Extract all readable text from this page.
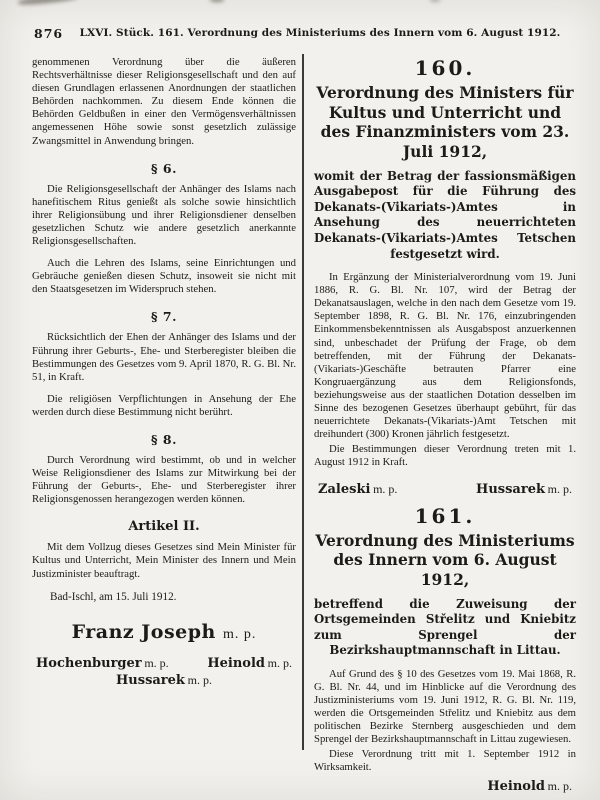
876	LXVI. Stück. 161. Verordnung des Ministeriums des Innern vom 6. August 1912.

genommenen Verordnung über die äußeren Rechtsverhältnisse dieser Religionsgesellschaft und den auf diesen Grundlagen erlassenen Anordnungen der staatlichen Behörden nachkommen. Zu diesem Ende können die Behörden Geldbußen in einer den Vermögensverhältnissen angemessenen Höhe sowie sonst gesetzlich zulässige Zwangsmittel in Anwendung bringen.

§ 6.

Die Religionsgesellschaft der Anhänger des Islams nach hanefitischem Ritus genießt als solche sowie hinsichtlich ihrer Religionsübung und ihrer Religionsdiener denselben gesetzlichen Schutz wie andere gesetzlich anerkannte Religionsgesellschaften.

Auch die Lehren des Islams, seine Einrichtungen und Gebräuche genießen diesen Schutz, insoweit sie nicht mit den Staatsgesetzen im Widerspruch stehen.

§ 7.

Rücksichtlich der Ehen der Anhänger des Islams und der Führung ihrer Geburts-, Ehe- und Sterberegister bleiben die Bestimmungen des Gesetzes vom 9. April 1870, R. G. Bl. Nr. 51, in Kraft.

Die religiösen Verpflichtungen in Ansehung der Ehe werden durch diese Bestimmung nicht berührt.

§ 8.

Durch Verordnung wird bestimmt, ob und in welcher Weise Religionsdiener des Islams zur Mitwirkung bei der Führung der Geburts-, Ehe- und Sterberegister ihrer Religionsgenossen herangezogen werden können.

Artikel II.

Mit dem Vollzug dieses Gesetzes sind Mein Minister für Kultus und Unterricht, Mein Minister des Innern und Mein Justizminister beauftragt.

Bad-Ischl, am 15. Juli 1912.
Franz Joseph m. p.
Hochenburger m. p.	Heinold m. p.
Hussarek m. p.
160.
Verordnung des Ministers für Kultus und Unterricht und des Finanzministers vom 23. Juli 1912,
womit der Betrag der fassionsmäßigen Ausgabepost für die Führung des Dekanats-(Vikariats-)Amtes in Ansehung des neuerrichteten Dekanats-(Vikariats-)Amtes Tetschen festgesetzt wird.

In Ergänzung der Ministerialverordnung vom 19. Juni 1886, R. G. Bl. Nr. 107, wird der Betrag der Dekanatsauslagen, welche in den nach dem Gesetze vom 19. September 1898, R. G. Bl. Nr. 176, einzubringenden Einkommensbekenntnissen als Ausgabspost anzuerkennen sind, unbeschadet der Prüfung der Frage, ob dem betreffenden, mit der Führung der Dekanats-(Vikariats-)Geschäfte betrauten Pfarrer eine Kongruaergänzung aus dem Religionsfonds, beziehungsweise aus der staatlichen Dotation desselben im Sinne des bezogenen Gesetzes überhaupt gebührt, für das neuerrichtete Dekanats-(Vikariats-)Amt Tetschen mit dreihundert (300) Kronen jährlich festgesetzt.

Die Bestimmungen dieser Verordnung treten mit 1. August 1912 in Kraft.

Zaleski m. p.	Hussarek m. p.
161.
Verordnung des Ministeriums des Innern vom 6. August 1912,
betreffend die Zuweisung der Ortsgemeinden Střelitz und Kniebitz zum Sprengel der Bezirkshauptmannschaft in Littau.

Auf Grund des § 10 des Gesetzes vom 19. Mai 1868, R. G. Bl. Nr. 44, und im Hinblicke auf die Verordnung des Justizministeriums vom 19. Juni 1912, R. G. Bl. Nr. 119, werden die Ortsgemeinden Střelitz und Kniebitz aus dem politischen Bezirke Sternberg ausgeschieden und dem Sprengel der Bezirkshauptmannschaft in Littau zugewiesen.

Diese Verordnung tritt mit 1. September 1912 in Wirksamkeit.

Heinold m. p.
